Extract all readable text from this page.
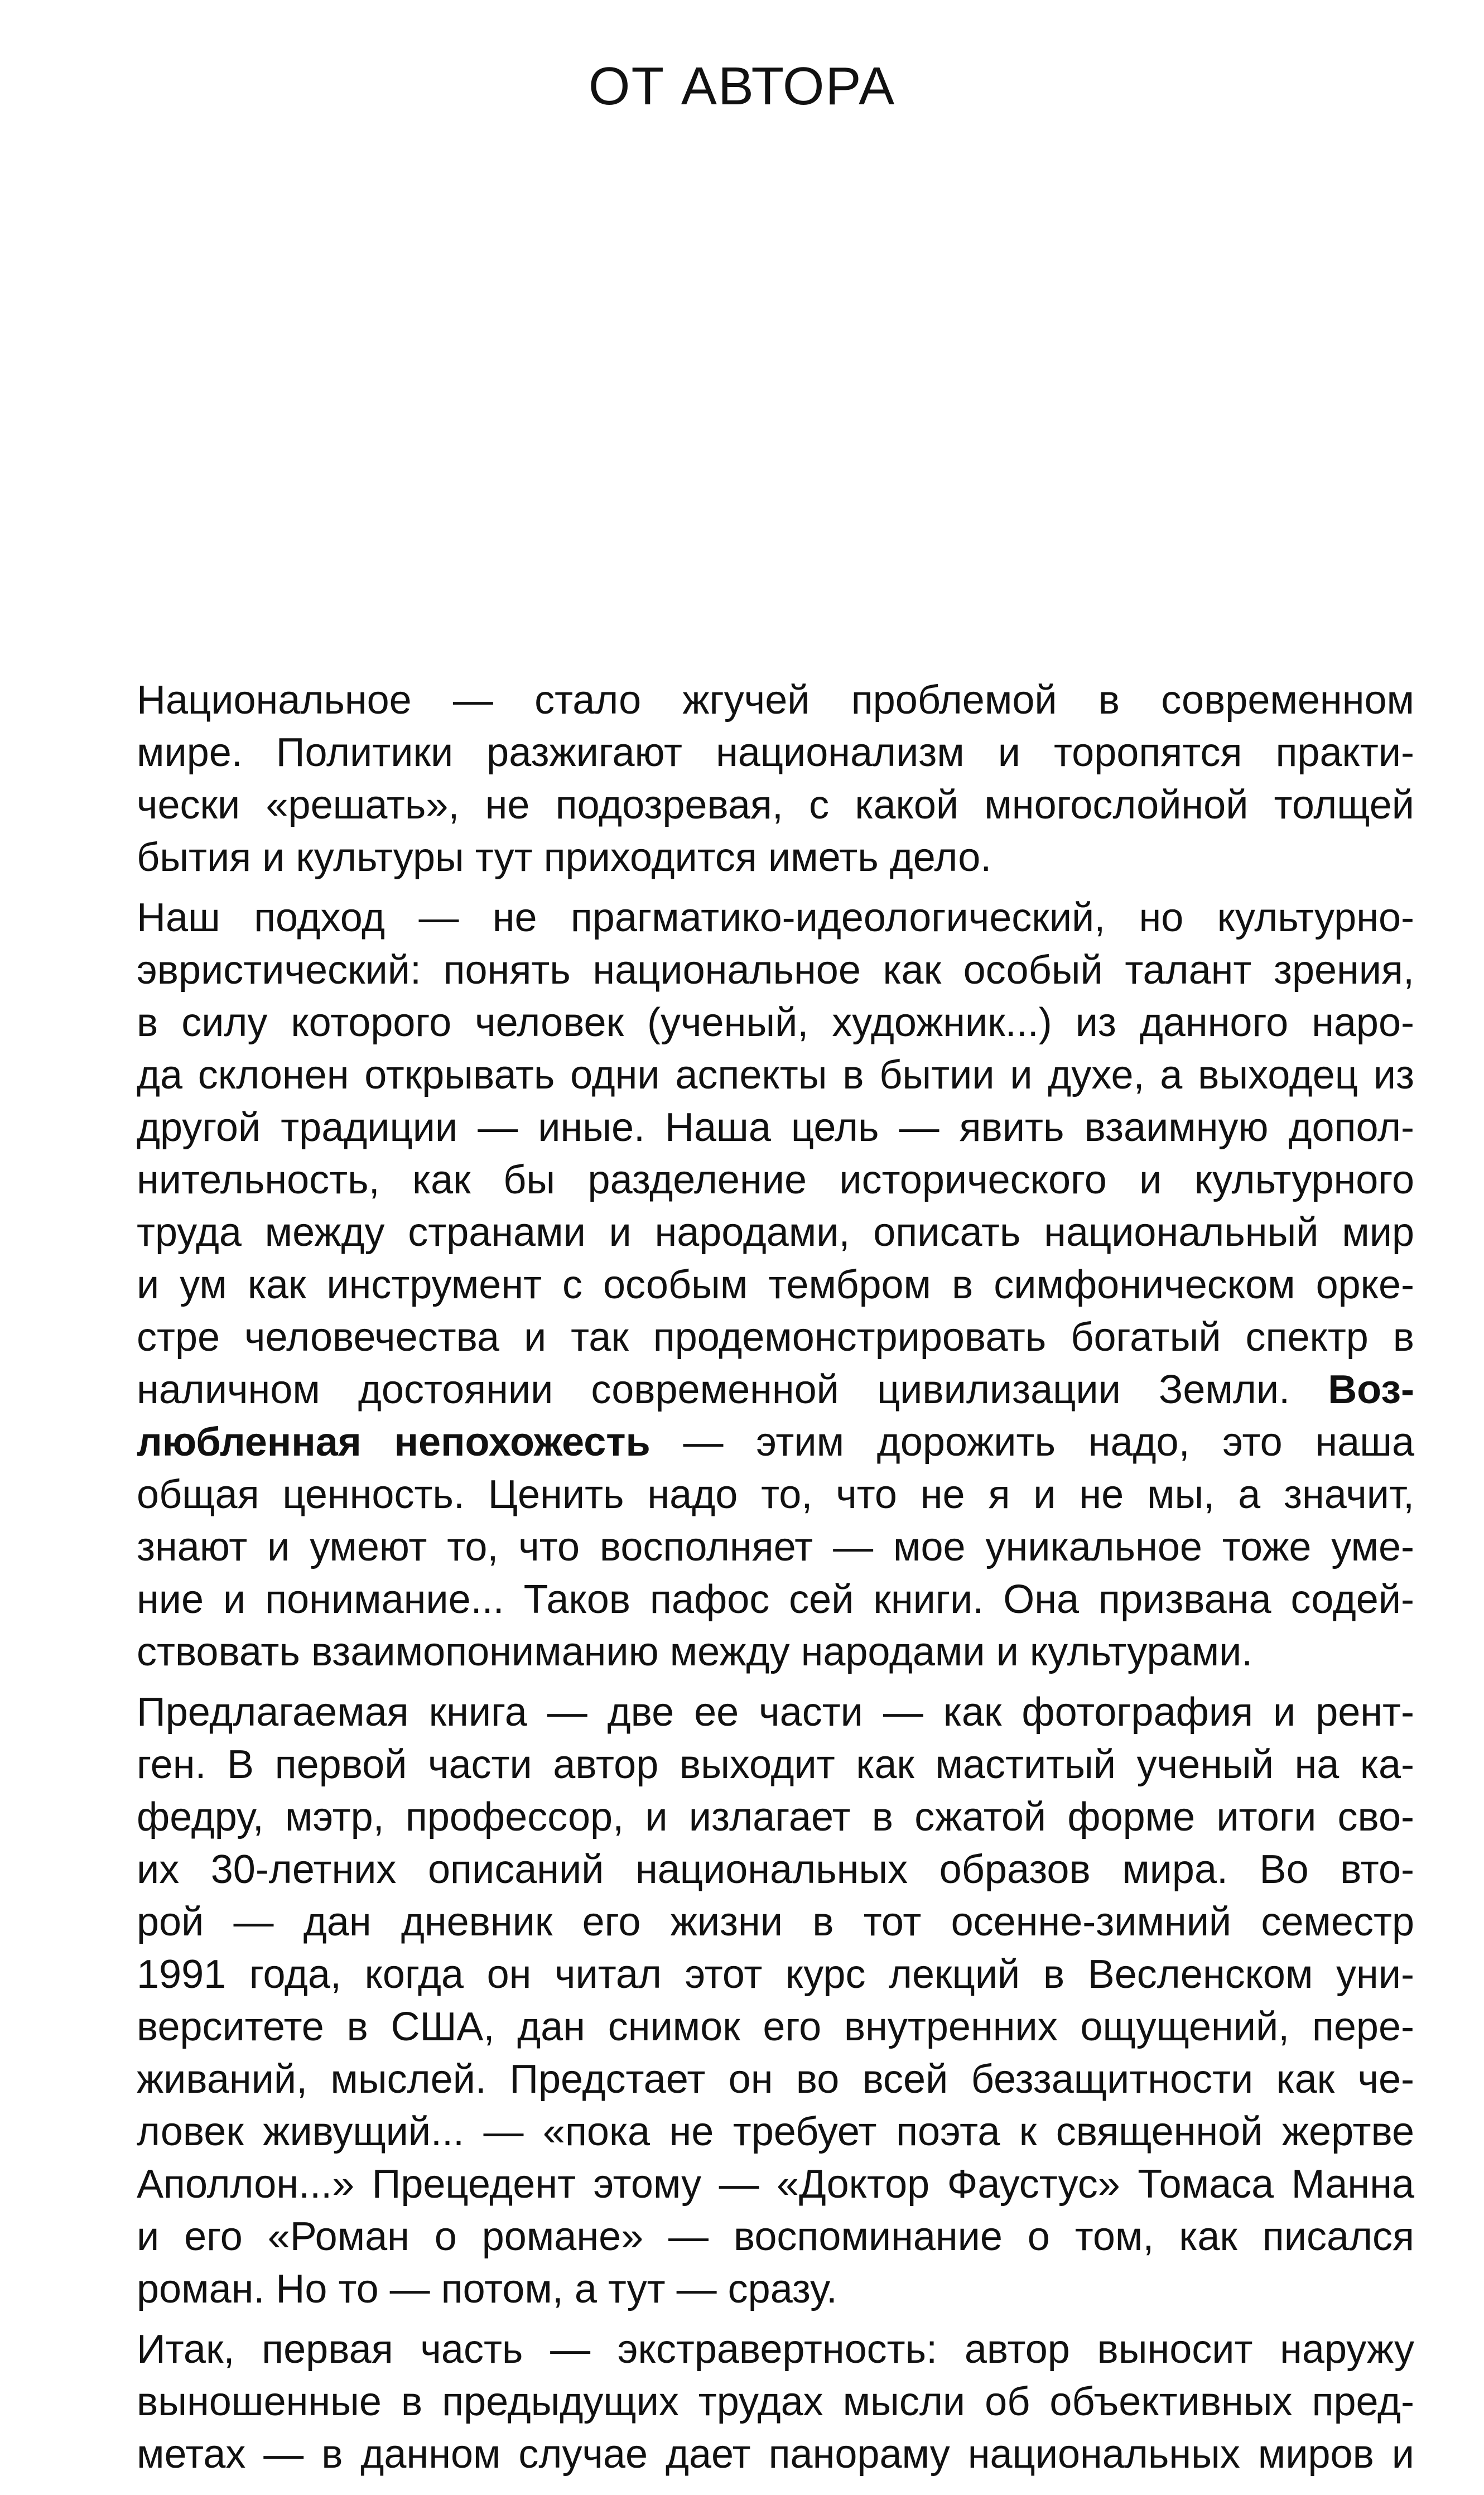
ОТ АВТОРА

Национальное — стало жгучей проблемой в современном
мире. Политики разжигают национализм и торопятся практи-
чески «решать», не подозревая, с какой многослойной толщей
бытия и культуры тут приходится иметь дело.

Наш подход — не прагматико-идеологический, но культурно-
эвристический: понять национальное как особый талант зрения,
в силу которого человек (ученый, художник...) из данного наро-
да склонен открывать одни аспекты в бытии и духе, а выходец из
другой традиции — иные. Наша цель — явить взаимную допол-
нительность, как бы разделение исторического и культурного
труда между странами и народами, описать национальный мир
и ум как инструмент с особым тембром в симфоническом орке-
стре человечества и так продемонстрировать богатый спектр в
наличном достоянии современной цивилизации Земли. Воз-
любленная непохожесть — этим дорожить надо, это наша
общая ценность. Ценить надо то, что не я и не мы, а значит,
знают и умеют то, что восполняет — мое уникальное тоже уме-
ние и понимание... Таков пафос сей книги. Она призвана содей-
ствовать взаимопониманию между народами и культурами.

Предлагаемая книга — две ее части — как фотография и рент-
ген. В первой части автор выходит как маститый ученый на ка-
федру, мэтр, профессор, и излагает в сжатой форме итоги сво-
их 30-летних описаний национальных образов мира. Во вто-
рой — дан дневник его жизни в тот осенне-зимний семестр
1991 года, когда он читал этот курс лекций в Весленском уни-
верситете в США, дан снимок его внутренних ощущений, пере-
живаний, мыслей. Предстает он во всей беззащитности как че-
ловек живущий... — «пока не требует поэта к священной жертве
Аполлон...» Прецедент этому — «Доктор Фаустус» Томаса Манна
и его «Роман о романе» — воспоминание о том, как писался
роман. Но то — потом, а тут — сразу.

Итак, первая часть — экстравертность: автор выносит наружу
выношенные в предыдущих трудах мысли об объективных пред-
метах — в данном случае дает панораму национальных миров и
